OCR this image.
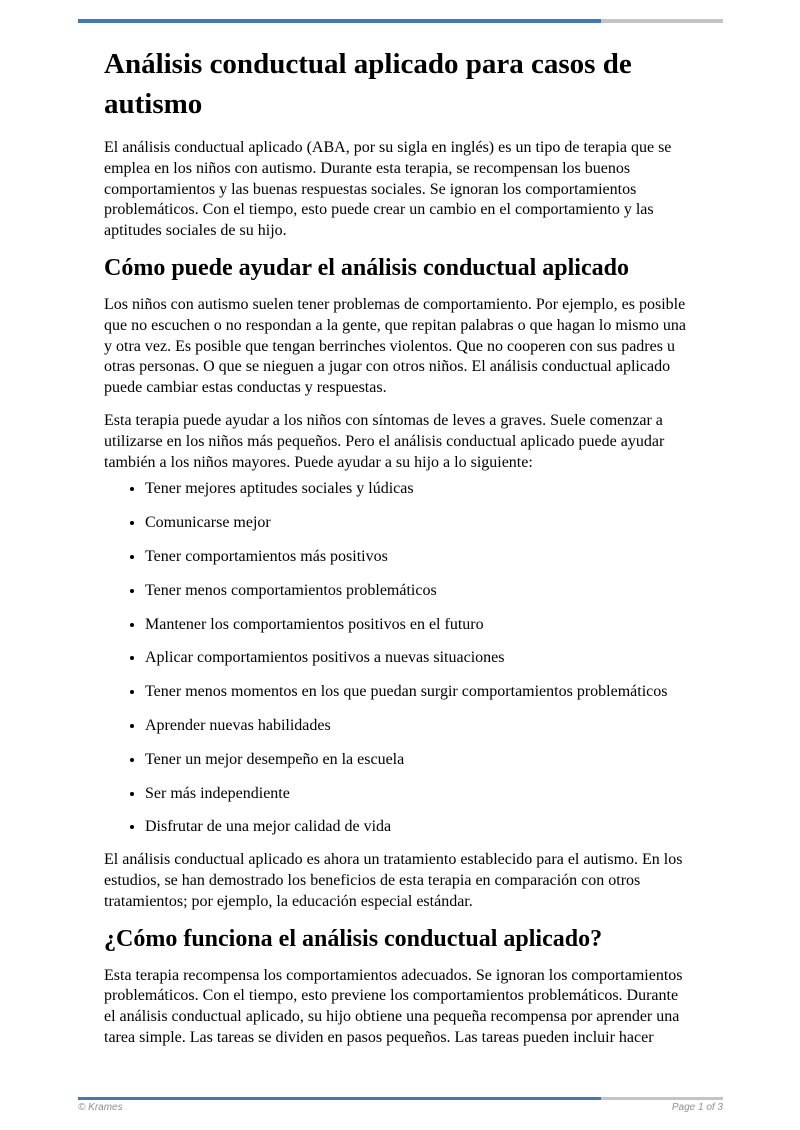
Análisis conductual aplicado para casos de autismo

El análisis conductual aplicado (ABA, por su sigla en inglés) es un tipo de terapia que se emplea en los niños con autismo. Durante esta terapia, se recompensan los buenos comportamientos y las buenas respuestas sociales. Se ignoran los comportamientos problemáticos. Con el tiempo, esto puede crear un cambio en el comportamiento y las aptitudes sociales de su hijo.

Cómo puede ayudar el análisis conductual aplicado

Los niños con autismo suelen tener problemas de comportamiento. Por ejemplo, es posible que no escuchen o no respondan a la gente, que repitan palabras o que hagan lo mismo una y otra vez. Es posible que tengan berrinches violentos. Que no cooperen con sus padres u otras personas. O que se nieguen a jugar con otros niños. El análisis conductual aplicado puede cambiar estas conductas y respuestas.

Esta terapia puede ayudar a los niños con síntomas de leves a graves. Suele comenzar a utilizarse en los niños más pequeños. Pero el análisis conductual aplicado puede ayudar también a los niños mayores. Puede ayudar a su hijo a lo siguiente:

• Tener mejores aptitudes sociales y lúdicas
• Comunicarse mejor
• Tener comportamientos más positivos
• Tener menos comportamientos problemáticos
• Mantener los comportamientos positivos en el futuro
• Aplicar comportamientos positivos a nuevas situaciones
• Tener menos momentos en los que puedan surgir comportamientos problemáticos
• Aprender nuevas habilidades
• Tener un mejor desempeño en la escuela
• Ser más independiente
• Disfrutar de una mejor calidad de vida

El análisis conductual aplicado es ahora un tratamiento establecido para el autismo. En los estudios, se han demostrado los beneficios de esta terapia en comparación con otros tratamientos; por ejemplo, la educación especial estándar.

¿Cómo funciona el análisis conductual aplicado?

Esta terapia recompensa los comportamientos adecuados. Se ignoran los comportamientos problemáticos. Con el tiempo, esto previene los comportamientos problemáticos. Durante el análisis conductual aplicado, su hijo obtiene una pequeña recompensa por aprender una tarea simple. Las tareas se dividen en pasos pequeños. Las tareas pueden incluir hacer

© Krames	Page 1 of 3
